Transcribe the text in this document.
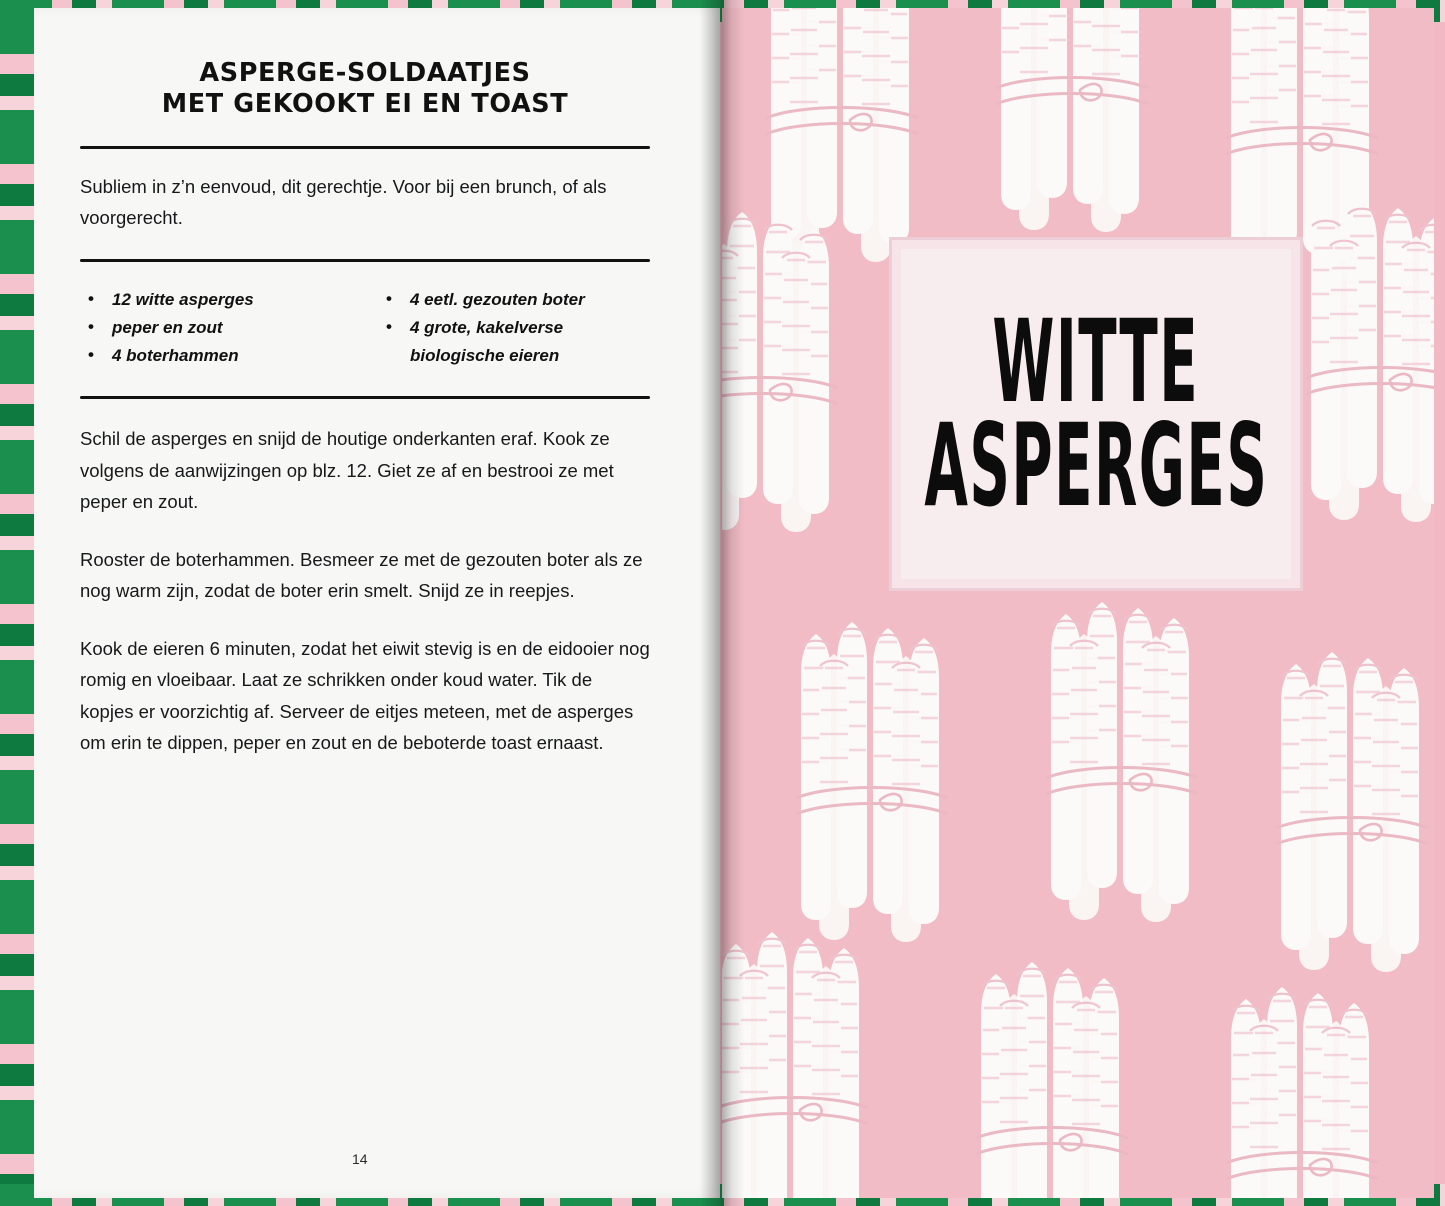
ASPERGE-SOLDAATJES
MET GEKOOKT EI EN TOAST

Subliem in z’n eenvoud, dit gerechtje. Voor bij een brunch, of als voorgerecht.

• 12 witte asperges
• peper en zout
• 4 boterhammen
• 4 eetl. gezouten boter
• 4 grote, kakelverse biologische eieren

Schil de asperges en snijd de houtige onderkanten eraf. Kook ze volgens de aanwijzingen op blz. 12. Giet ze af en bestrooi ze met peper en zout.

Rooster de boterhammen. Besmeer ze met de gezouten boter als ze nog warm zijn, zodat de boter erin smelt. Snijd ze in reepjes.

Kook de eieren 6 minuten, zodat het eiwit stevig is en de eidooier nog romig en vloeibaar. Laat ze schrikken onder koud water. Tik de kopjes er voorzichtig af. Serveer de eitjes meteen, met de asperges om erin te dippen, peper en zout en de beboterde toast ernaast.

14
WITTE
ASPERGES
